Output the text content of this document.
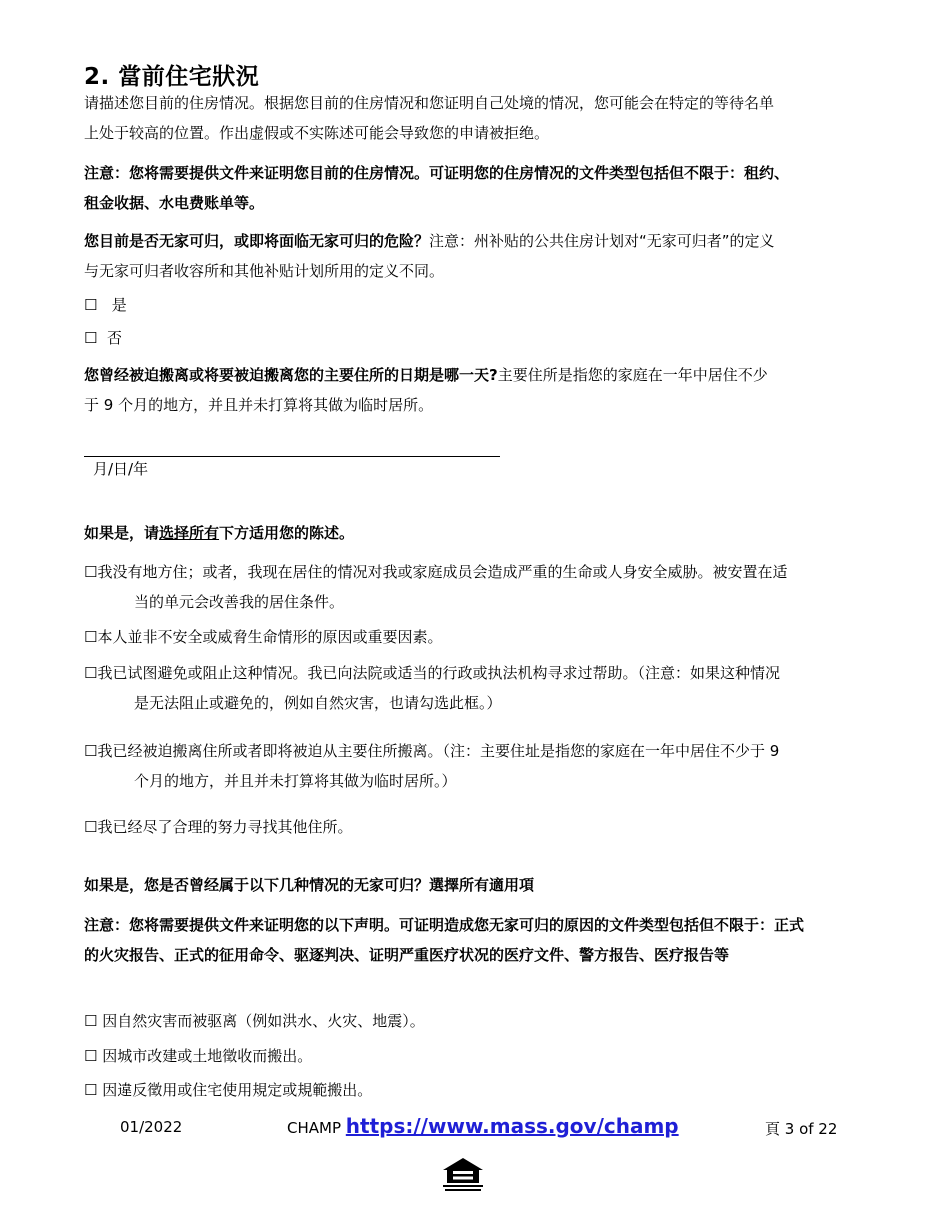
2. 當前住宅狀況

请描述您目前的住房情况。根据您目前的住房情况和您证明自己处境的情况，您可能会在特定的等待名单
上处于较高的位置。作出虚假或不实陈述可能会导致您的申请被拒绝。

注意：您将需要提供文件来证明您目前的住房情况。可证明您的住房情况的文件类型包括但不限于：租约、
租金收据、水电费账单等。

您目前是否无家可归，或即将面临无家可归的危险？注意：州补贴的公共住房计划对“无家可归者”的定义
与无家可归者收容所和其他补贴计划所用的定义不同。

☐ 是
☐ 否

您曾经被迫搬离或将要被迫搬离您的主要住所的日期是哪一天?主要住所是指您的家庭在一年中居住不少
于 9 个月的地方，并且并未打算将其做为临时居所。

月/日/年
如果是，请选择所有下方适用您的陈述。
☐我没有地方住；或者，我现在居住的情况对我或家庭成员会造成严重的生命或人身安全威胁。被安置在适
当的单元会改善我的居住条件。
☐本人並非不安全或威脅生命情形的原因或重要因素。
☐我已试图避免或阻止这种情况。我已向法院或适当的行政或执法机构寻求过帮助。（注意：如果这种情况
是无法阻止或避免的，例如自然灾害，也请勾选此框。）
☐我已经被迫搬离住所或者即将被迫从主要住所搬离。（注：主要住址是指您的家庭在一年中居住不少于 9
个月的地方，并且并未打算将其做为临时居所。）
☐我已经尽了合理的努力寻找其他住所。
如果是，您是否曾经属于以下几种情况的无家可归？選擇所有適用項

注意：您将需要提供文件来证明您的以下声明。可证明造成您无家可归的原因的文件类型包括但不限于：正式
的火灾报告、正式的征用命令、驱逐判决、证明严重医疗状况的医疗文件、警方报告、医疗报告等

☐ 因自然灾害而被驱离（例如洪水、火灾、地震）。
☐ 因城市改建或土地徵收而搬出。
☐ 因違反徵用或住宅使用規定或規範搬出。
01/2022	CHAMP https://www.mass.gov/champ	頁 3 of 22
